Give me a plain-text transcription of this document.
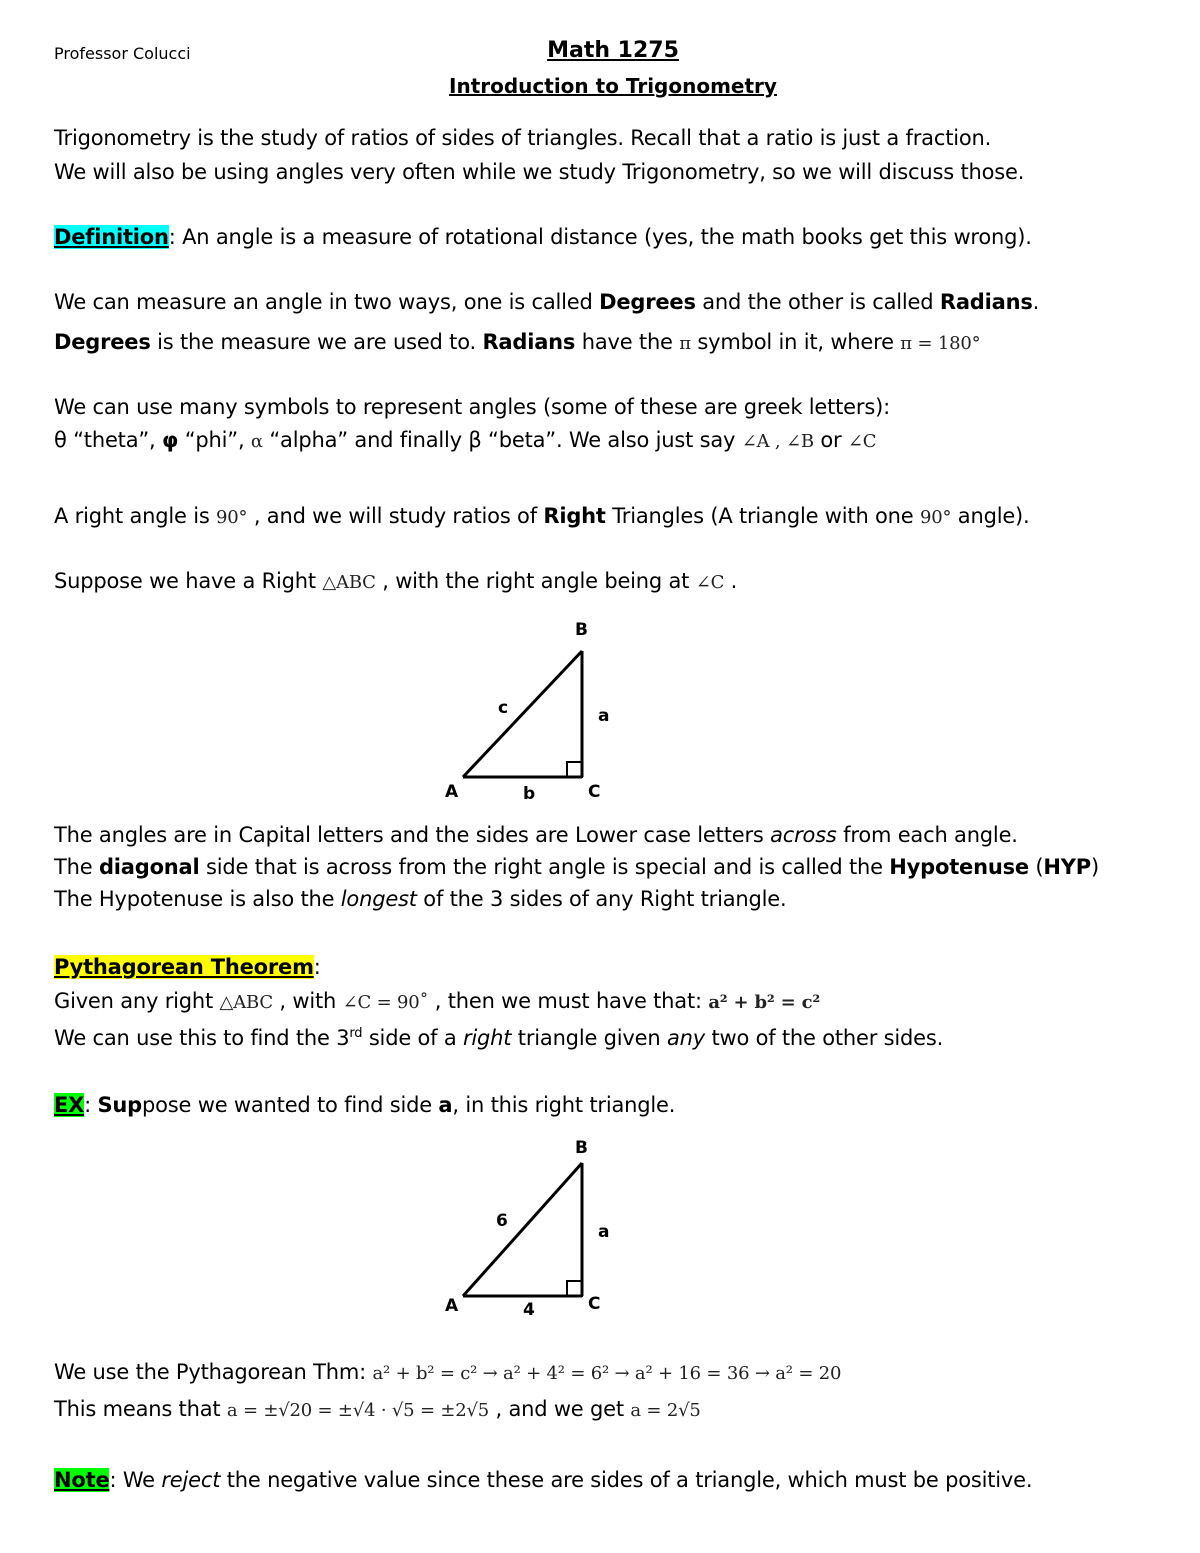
Professor Colucci	Math 1275
Introduction to Trigonometry
Trigonometry is the study of ratios of sides of triangles. Recall that a ratio is just a fraction.
We will also be using angles very often while we study Trigonometry, so we will discuss those.
Definition: An angle is a measure of rotational distance (yes, the math books get this wrong).
We can measure an angle in two ways, one is called Degrees and the other is called Radians.
Degrees is the measure we are used to. Radians have the π symbol in it, where π = 180°
We can use many symbols to represent angles (some of these are greek letters):
θ “theta”, φ “phi”, α “alpha” and finally β “beta”. We also just say ∠A , ∠B or ∠C
A right angle is 90° , and we will study ratios of Right Triangles (A triangle with one 90° angle).
Suppose we have a Right △ABC , with the right angle being at ∠C .
B
A	C
a
b
c
The angles are in Capital letters and the sides are Lower case letters across from each angle.
The diagonal side that is across from the right angle is special and is called the Hypotenuse (HYP)
The Hypotenuse is also the longest of the 3 sides of any Right triangle.
Pythagorean Theorem:
Given any right △ABC , with ∠C = 90˚ , then we must have that: a² + b² = c²
We can use this to find the 3rd side of a right triangle given any two of the other sides.
EX: Suppose we wanted to find side a, in this right triangle.
B
A	C
a
4
6
We use the Pythagorean Thm: a² + b² = c² → a² + 4² = 6² → a² + 16 = 36 → a² = 20
This means that a = ±√20 = ±√4 · √5 = ±2√5 , and we get a = 2√5
Note: We reject the negative value since these are sides of a triangle, which must be positive.
